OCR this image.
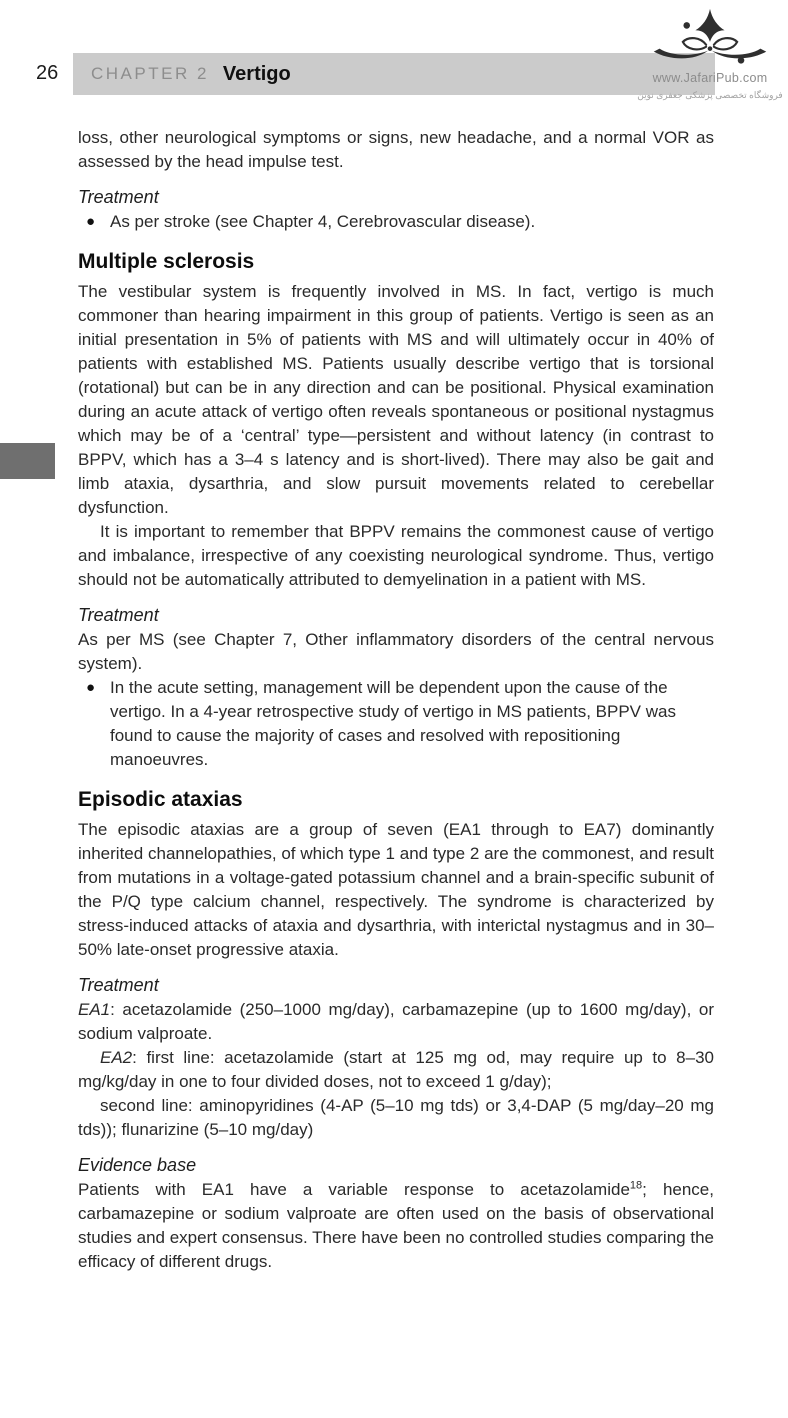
26 CHAPTER 2 Vertigo	www.JafariPub.com
فروشگاه تخصصی پزشکی جعفری نوین

loss, other neurological symptoms or signs, new headache, and a normal VOR as assessed by the head impulse test.

Treatment
● As per stroke (see Chapter 4, Cerebrovascular disease).

Multiple sclerosis

The vestibular system is frequently involved in MS. In fact, vertigo is much commoner than hearing impairment in this group of patients. Vertigo is seen as an initial presentation in 5% of patients with MS and will ultimately occur in 40% of patients with established MS. Patients usually describe vertigo that is torsional (rotational) but can be in any direction and can be positional. Physical examination during an acute attack of vertigo often reveals spontaneous or positional nystagmus which may be of a ‘central’ type—persistent and without latency (in contrast to BPPV, which has a 3–4 s latency and is short-lived). There may also be gait and limb ataxia, dysarthria, and slow pursuit movements related to cerebellar dysfunction.

It is important to remember that BPPV remains the commonest cause of vertigo and imbalance, irrespective of any coexisting neurological syndrome. Thus, vertigo should not be automatically attributed to demyelination in a patient with MS.

Treatment

As per MS (see Chapter 7, Other inflammatory disorders of the central nervous system).

● In the acute setting, management will be dependent upon the cause of the vertigo. In a 4-year retrospective study of vertigo in MS patients, BPPV was found to cause the majority of cases and resolved with repositioning manoeuvres.

Episodic ataxias

The episodic ataxias are a group of seven (EA1 through to EA7) dominantly inherited channelopathies, of which type 1 and type 2 are the commonest, and result from mutations in a voltage-gated potassium channel and a brain-specific subunit of the P/Q type calcium channel, respectively. The syndrome is characterized by stress-induced attacks of ataxia and dysarthria, with interictal nystagmus and in 30–50% late-onset progressive ataxia.

Treatment

EA1: acetazolamide (250–1000 mg/day), carbamazepine (up to 1600 mg/day), or sodium valproate.

EA2: first line: acetazolamide (start at 125 mg od, may require up to 8–30 mg/kg/day in one to four divided doses, not to exceed 1 g/day);

second line: aminopyridines (4-AP (5–10 mg tds) or 3,4-DAP (5 mg/day–20 mg tds)); flunarizine (5–10 mg/day)

Evidence base

Patients with EA1 have a variable response to acetazolamide$^{18}$; hence, carbamazepine or sodium valproate are often used on the basis of observational studies and expert consensus. There have been no controlled studies comparing the efficacy of different drugs.
